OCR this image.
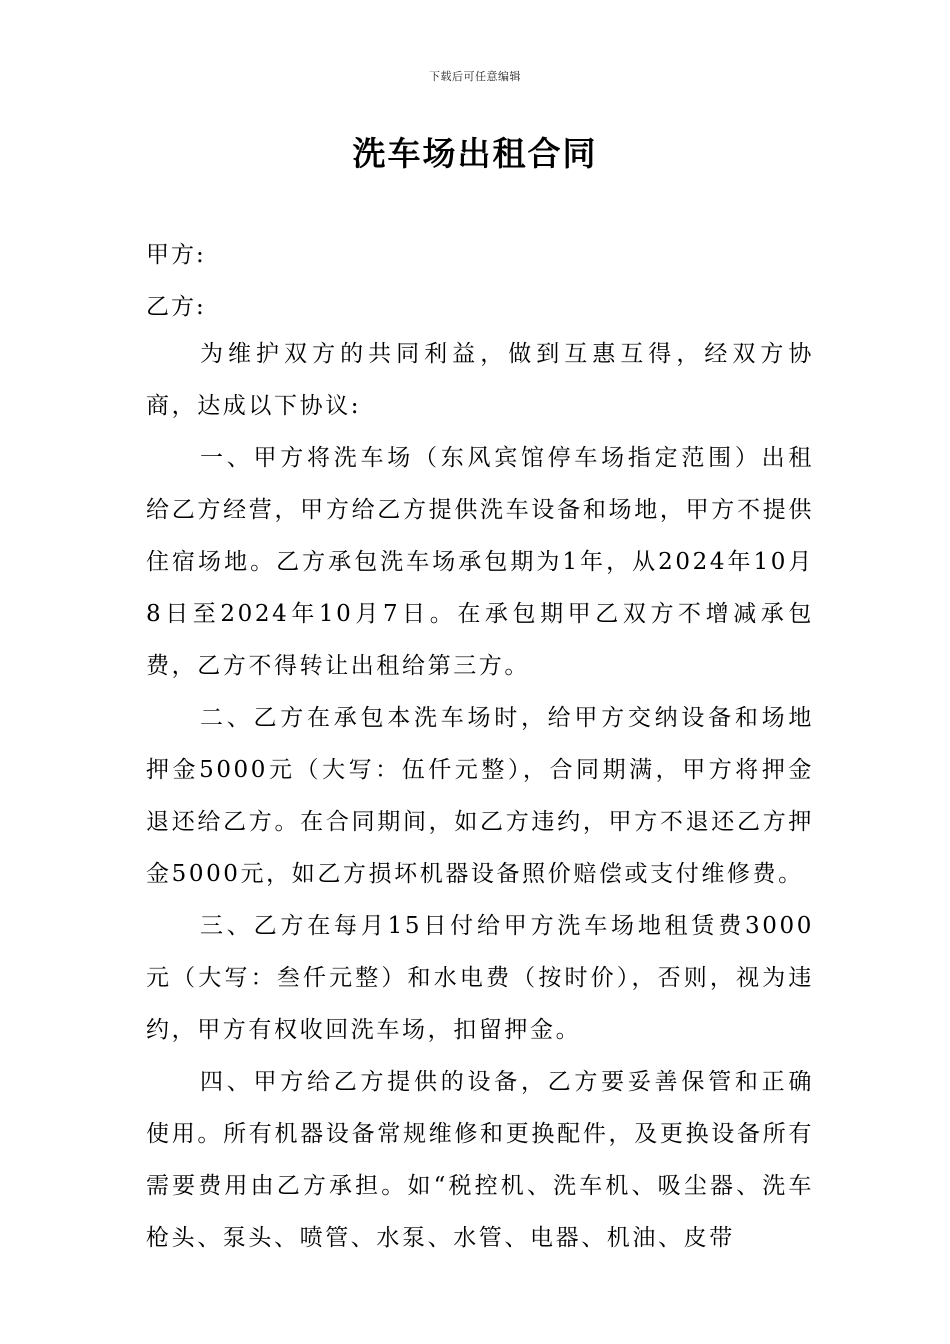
下载后可任意编辑
洗车场出租合同
甲方:
乙方:

为维护双方的共同利益，做到互惠互得，经双方协商，达成以下协议:

一、甲方将洗车场（东风宾馆停车场指定范围）出租给乙方经营，甲方给乙方提供洗车设备和场地，甲方不提供住宿场地。乙方承包洗车场承包期为1年，从2024年10月8日至2024年10月7日。在承包期甲乙双方不增减承包费，乙方不得转让出租给第三方。

二、乙方在承包本洗车场时，给甲方交纳设备和场地押金5000元（大写：伍仟元整），合同期满，甲方将押金退还给乙方。在合同期间，如乙方违约，甲方不退还乙方押金5000元，如乙方损坏机器设备照价赔偿或支付维修费。

三、乙方在每月15日付给甲方洗车场地租赁费3000元（大写：叁仟元整）和水电费（按时价），否则，视为违约，甲方有权收回洗车场，扣留押金。

四、甲方给乙方提供的设备，乙方要妥善保管和正确使用。所有机器设备常规维修和更换配件，及更换设备所有需要费用由乙方承担。如“税控机、洗车机、吸尘器、洗车枪头、泵头、喷管、水泵、水管、电器、机油、皮带
